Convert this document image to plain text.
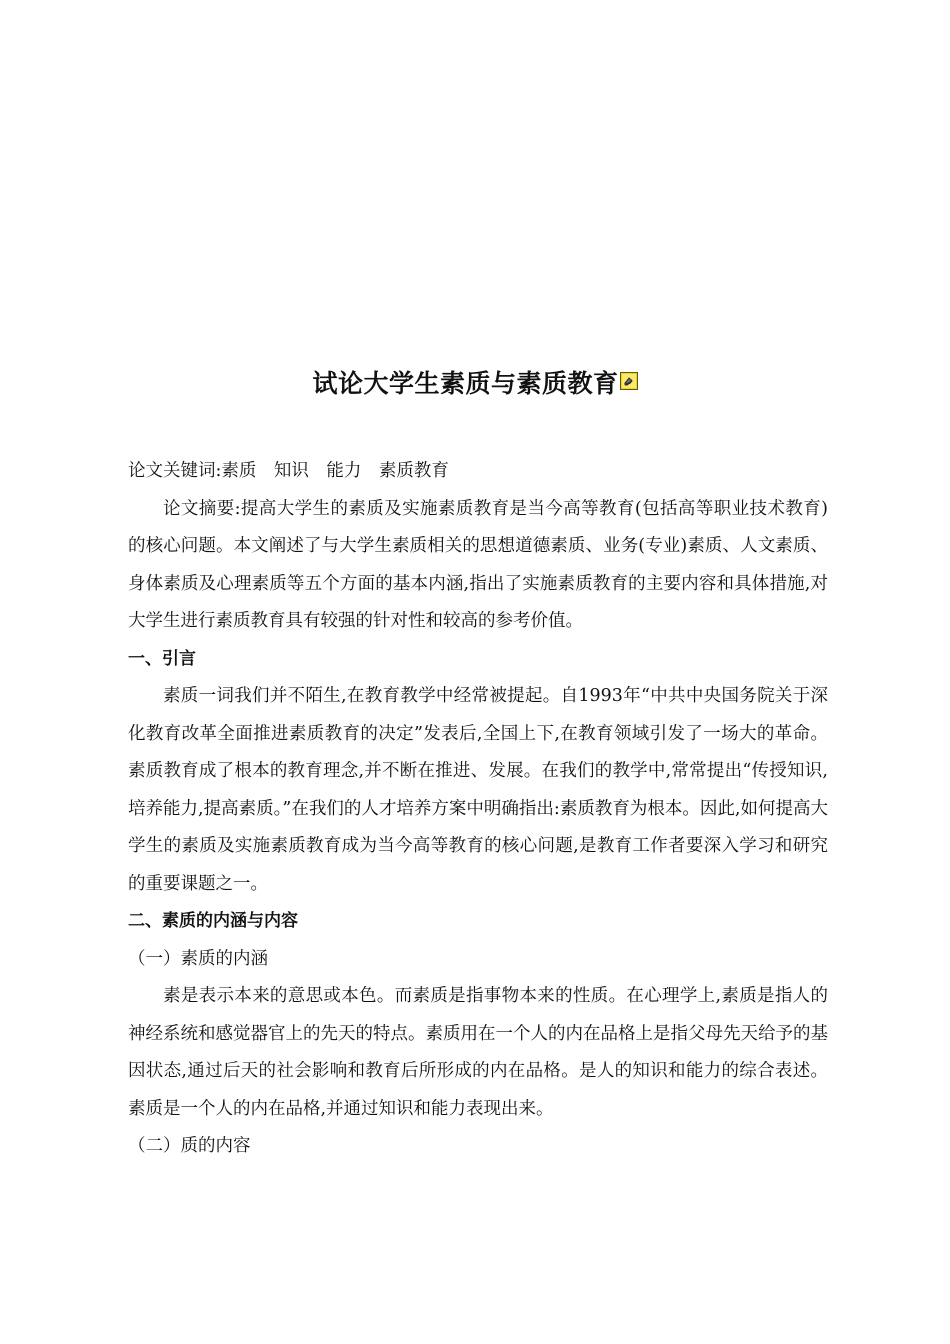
试论大学生素质与素质教育
论文关键词:素质　知识　能力　素质教育

论文摘要:提高大学生的素质及实施素质教育是当今高等教育(包括高等职业技术教育)的核心问题。本文阐述了与大学生素质相关的思想道德素质、业务(专业)素质、人文素质、身体素质及心理素质等五个方面的基本内涵,指出了实施素质教育的主要内容和具体措施,对大学生进行素质教育具有较强的针对性和较高的参考价值。

一、引言

素质一词我们并不陌生,在教育教学中经常被提起。自1993年“中共中央国务院关于深化教育改革全面推进素质教育的决定”发表后,全国上下,在教育领域引发了一场大的革命。素质教育成了根本的教育理念,并不断在推进、发展。在我们的教学中,常常提出“传授知识,培养能力,提高素质。”在我们的人才培养方案中明确指出:素质教育为根本。因此,如何提高大学生的素质及实施素质教育成为当今高等教育的核心问题,是教育工作者要深入学习和研究的重要课题之一。

二、素质的内涵与内容

（一）素质的内涵

素是表示本来的意思或本色。而素质是指事物本来的性质。在心理学上,素质是指人的神经系统和感觉器官上的先天的特点。素质用在一个人的内在品格上是指父母先天给予的基因状态,通过后天的社会影响和教育后所形成的内在品格。是人的知识和能力的综合表述。素质是一个人的内在品格,并通过知识和能力表现出来。

（二）质的内容
